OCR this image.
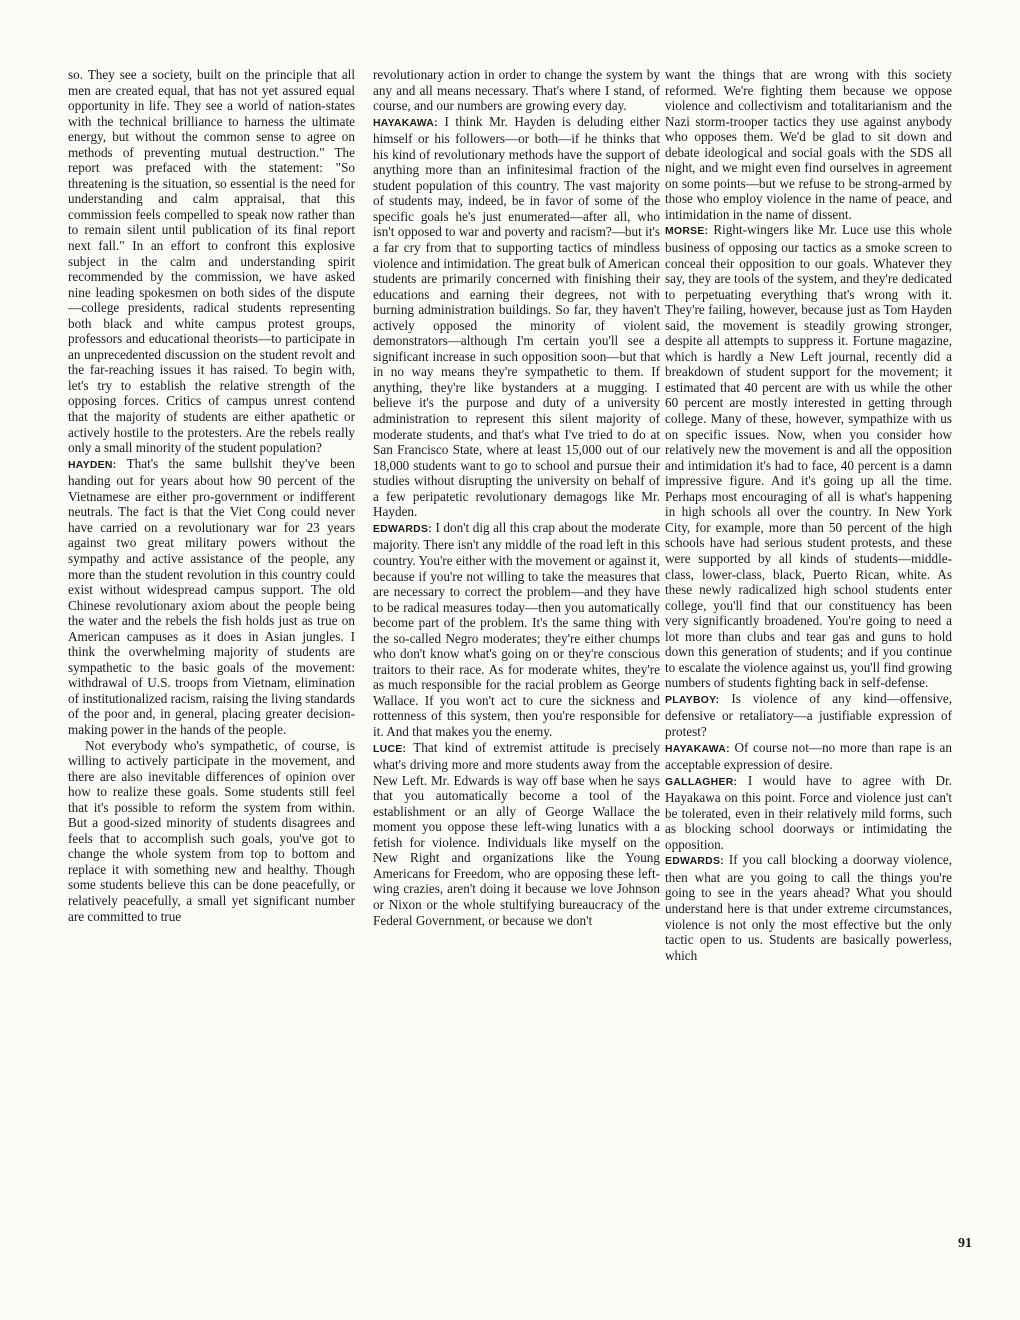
so. They see a society, built on the principle that all men are created equal, that has not yet assured equal opportunity in life. They see a world of nation-states with the technical brilliance to harness the ultimate energy, but without the common sense to agree on methods of preventing mutual destruction." The report was prefaced with the statement: "So threatening is the situation, so essential is the need for understanding and calm appraisal, that this commission feels compelled to speak now rather than to remain silent until publication of its final report next fall." In an effort to confront this explosive subject in the calm and understanding spirit recommended by the commission, we have asked nine leading spokesmen on both sides of the dispute—college presidents, radical students representing both black and white campus protest groups, professors and educational theorists—to participate in an unprecedented discussion on the student revolt and the far-reaching issues it has raised. To begin with, let's try to establish the relative strength of the opposing forces. Critics of campus unrest contend that the majority of students are either apathetic or actively hostile to the protesters. Are the rebels really only a small minority of the student population?

HAYDEN: That's the same bullshit they've been handing out for years about how 90 percent of the Vietnamese are either pro-government or indifferent neutrals. The fact is that the Viet Cong could never have carried on a revolutionary war for 23 years against two great military powers without the sympathy and active assistance of the people, any more than the student revolution in this country could exist without widespread campus support. The old Chinese revolutionary axiom about the people being the water and the rebels the fish holds just as true on American campuses as it does in Asian jungles. I think the overwhelming majority of students are sympathetic to the basic goals of the movement: withdrawal of U.S. troops from Vietnam, elimination of institutionalized racism, raising the living standards of the poor and, in general, placing greater decision-making power in the hands of the people.

Not everybody who's sympathetic, of course, is willing to actively participate in the movement, and there are also inevitable differences of opinion over how to realize these goals. Some students still feel that it's possible to reform the system from within. But a good-sized minority of students disagrees and feels that to accomplish such goals, you've got to change the whole system from top to bottom and replace it with something new and healthy. Though some students believe this can be done peacefully, or relatively peacefully, a small yet significant number are committed to true

revolutionary action in order to change the system by any and all means necessary. That's where I stand, of course, and our numbers are growing every day.

HAYAKAWA: I think Mr. Hayden is deluding either himself or his followers—or both—if he thinks that his kind of revolutionary methods have the support of anything more than an infinitesimal fraction of the student population of this country. The vast majority of students may, indeed, be in favor of some of the specific goals he's just enumerated—after all, who isn't opposed to war and poverty and racism?—but it's a far cry from that to supporting tactics of mindless violence and intimidation. The great bulk of American students are primarily concerned with finishing their educations and earning their degrees, not with burning administration buildings. So far, they haven't actively opposed the minority of violent demonstrators—although I'm certain you'll see a significant increase in such opposition soon—but that in no way means they're sympathetic to them. If anything, they're like bystanders at a mugging. I believe it's the purpose and duty of a university administration to represent this silent majority of moderate students, and that's what I've tried to do at San Francisco State, where at least 15,000 out of our 18,000 students want to go to school and pursue their studies without disrupting the university on behalf of a few peripatetic revolutionary demagogs like Mr. Hayden.

EDWARDS: I don't dig all this crap about the moderate majority. There isn't any middle of the road left in this country. You're either with the movement or against it, because if you're not willing to take the measures that are necessary to correct the problem—and they have to be radical measures today—then you automatically become part of the problem. It's the same thing with the so-called Negro moderates; they're either chumps who don't know what's going on or they're conscious traitors to their race. As for moderate whites, they're as much responsible for the racial problem as George Wallace. If you won't act to cure the sickness and rottenness of this system, then you're responsible for it. And that makes you the enemy.

LUCE: That kind of extremist attitude is precisely what's driving more and more students away from the New Left. Mr. Edwards is way off base when he says that you automatically become a tool of the establishment or an ally of George Wallace the moment you oppose these left-wing lunatics with a fetish for violence. Individuals like myself on the New Right and organizations like the Young Americans for Freedom, who are opposing these left-wing crazies, aren't doing it because we love Johnson or Nixon or the whole stultifying bureaucracy of the Federal Government, or because we don't

want the things that are wrong with this society reformed. We're fighting them because we oppose violence and collectivism and totalitarianism and the Nazi storm-trooper tactics they use against anybody who opposes them. We'd be glad to sit down and debate ideological and social goals with the SDS all night, and we might even find ourselves in agreement on some points—but we refuse to be strong-armed by those who employ violence in the name of peace, and intimidation in the name of dissent.

MORSE: Right-wingers like Mr. Luce use this whole business of opposing our tactics as a smoke screen to conceal their opposition to our goals. Whatever they say, they are tools of the system, and they're dedicated to perpetuating everything that's wrong with it. They're failing, however, because just as Tom Hayden said, the movement is steadily growing stronger, despite all attempts to suppress it. Fortune magazine, which is hardly a New Left journal, recently did a breakdown of student support for the movement; it estimated that 40 percent are with us while the other 60 percent are mostly interested in getting through college. Many of these, however, sympathize with us on specific issues. Now, when you consider how relatively new the movement is and all the opposition and intimidation it's had to face, 40 percent is a damn impressive figure. And it's going up all the time. Perhaps most encouraging of all is what's happening in high schools all over the country. In New York City, for example, more than 50 percent of the high schools have had serious student protests, and these were supported by all kinds of students—middle-class, lower-class, black, Puerto Rican, white. As these newly radicalized high school students enter college, you'll find that our constituency has been very significantly broadened. You're going to need a lot more than clubs and tear gas and guns to hold down this generation of students; and if you continue to escalate the violence against us, you'll find growing numbers of students fighting back in self-defense.

PLAYBOY: Is violence of any kind—offensive, defensive or retaliatory—a justifiable expression of protest?

HAYAKAWA: Of course not—no more than rape is an acceptable expression of desire.

GALLAGHER: I would have to agree with Dr. Hayakawa on this point. Force and violence just can't be tolerated, even in their relatively mild forms, such as blocking school doorways or intimidating the opposition.

EDWARDS: If you call blocking a doorway violence, then what are you going to call the things you're going to see in the years ahead? What you should understand here is that under extreme circumstances, violence is not only the most effective but the only tactic open to us. Students are basically powerless, which

91
